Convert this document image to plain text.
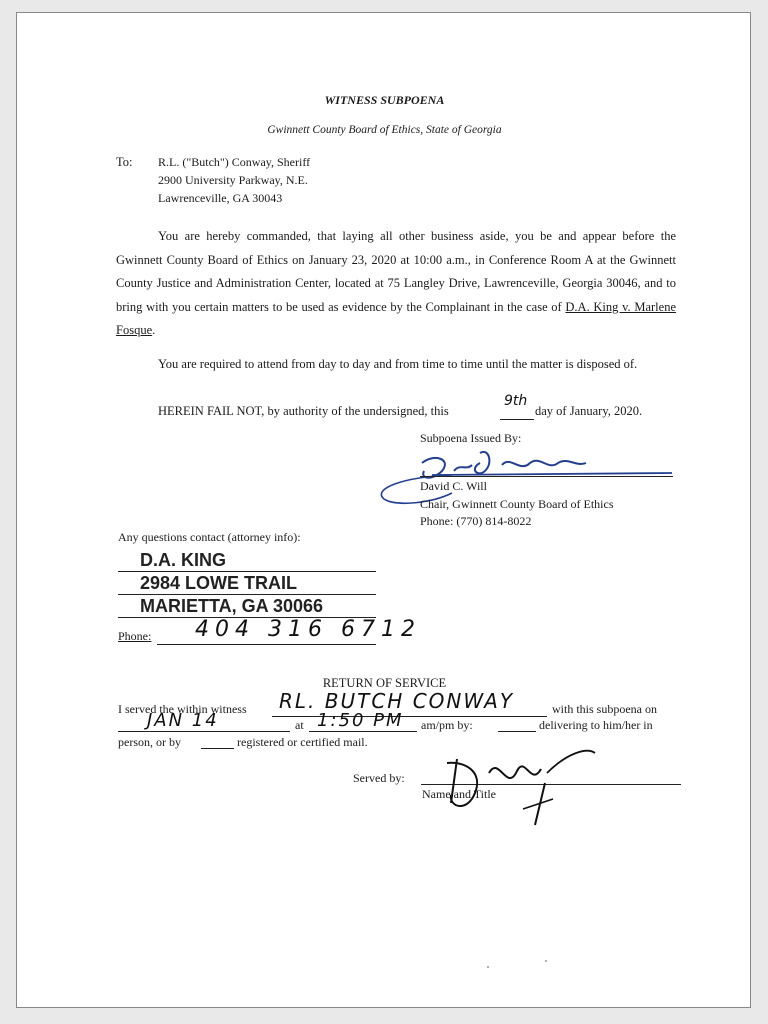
WITNESS SUBPOENA
Gwinnett County Board of Ethics, State of Georgia
To: R.L. ("Butch") Conway, Sheriff
2900 University Parkway, N.E.
Lawrenceville, GA 30043
You are hereby commanded, that laying all other business aside, you be and appear before the Gwinnett County Board of Ethics on January 23, 2020 at 10:00 a.m., in Conference Room A at the Gwinnett County Justice and Administration Center, located at 75 Langley Drive, Lawrenceville, Georgia 30046, and to bring with you certain matters to be used as evidence by the Complainant in the case of D.A. King v. Marlene Fosque.
You are required to attend from day to day and from time to time until the matter is disposed of.
HEREIN FAIL NOT, by authority of the undersigned, this
9th
day of January, 2020.
Subpoena Issued By:
David C. Will
Chair, Gwinnett County Board of Ethics
Phone: (770) 814-8022
Any questions contact (attorney info):
D.A. KING
2984 LOWE TRAIL
MARIETTA, GA 30066
Phone: 404 316 6712
RETURN OF SERVICE
I served the within witness RL. BUTCH CONWAY	with this subpoena on
JAN 14	at 1:50 PM am/pm by:	delivering to him/her in
person, or by	registered or certified mail.
Served by:
Name and Title
